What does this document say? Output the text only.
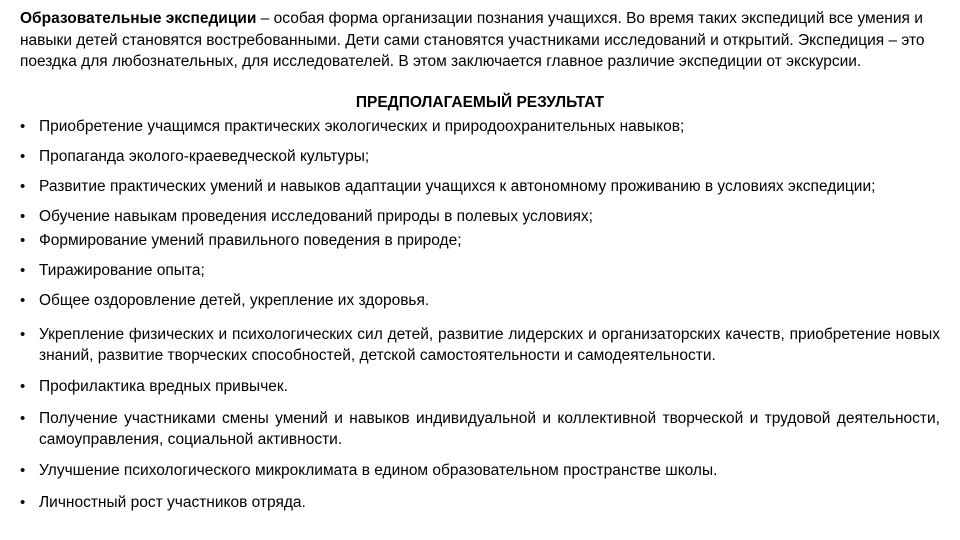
Образовательные экспедиции – особая форма организации познания учащихся. Во время таких экспедиций все умения и навыки детей становятся востребованными. Дети сами становятся участниками исследований и открытий. Экспедиция – это поездка для любознательных, для исследователей. В этом заключается главное различие экспедиции от экскурсии.

ПРЕДПОЛАГАЕМЫЙ РЕЗУЛЬТАТ

• Приобретение учащимся практических экологических и природоохранительных навыков;
• Пропаганда эколого-краеведческой культуры;
• Развитие практических умений и навыков адаптации учащихся к автономному проживанию в условиях экспедиции;
• Обучение навыкам проведения исследований природы в полевых условиях;
• Формирование умений правильного поведения в природе;
• Тиражирование опыта;
• Общее оздоровление детей, укрепление их здоровья.
• Укрепление физических и психологических сил детей, развитие лидерских и организаторских качеств, приобретение новых знаний, развитие творческих способностей, детской самостоятельности и самодеятельности.
• Профилактика вредных привычек.
• Получение участниками смены умений и навыков индивидуальной и коллективной творческой и трудовой деятельности, самоуправления, социальной активности.
• Улучшение психологического микроклимата в едином образовательном пространстве школы.
• Личностный рост участников отряда.
